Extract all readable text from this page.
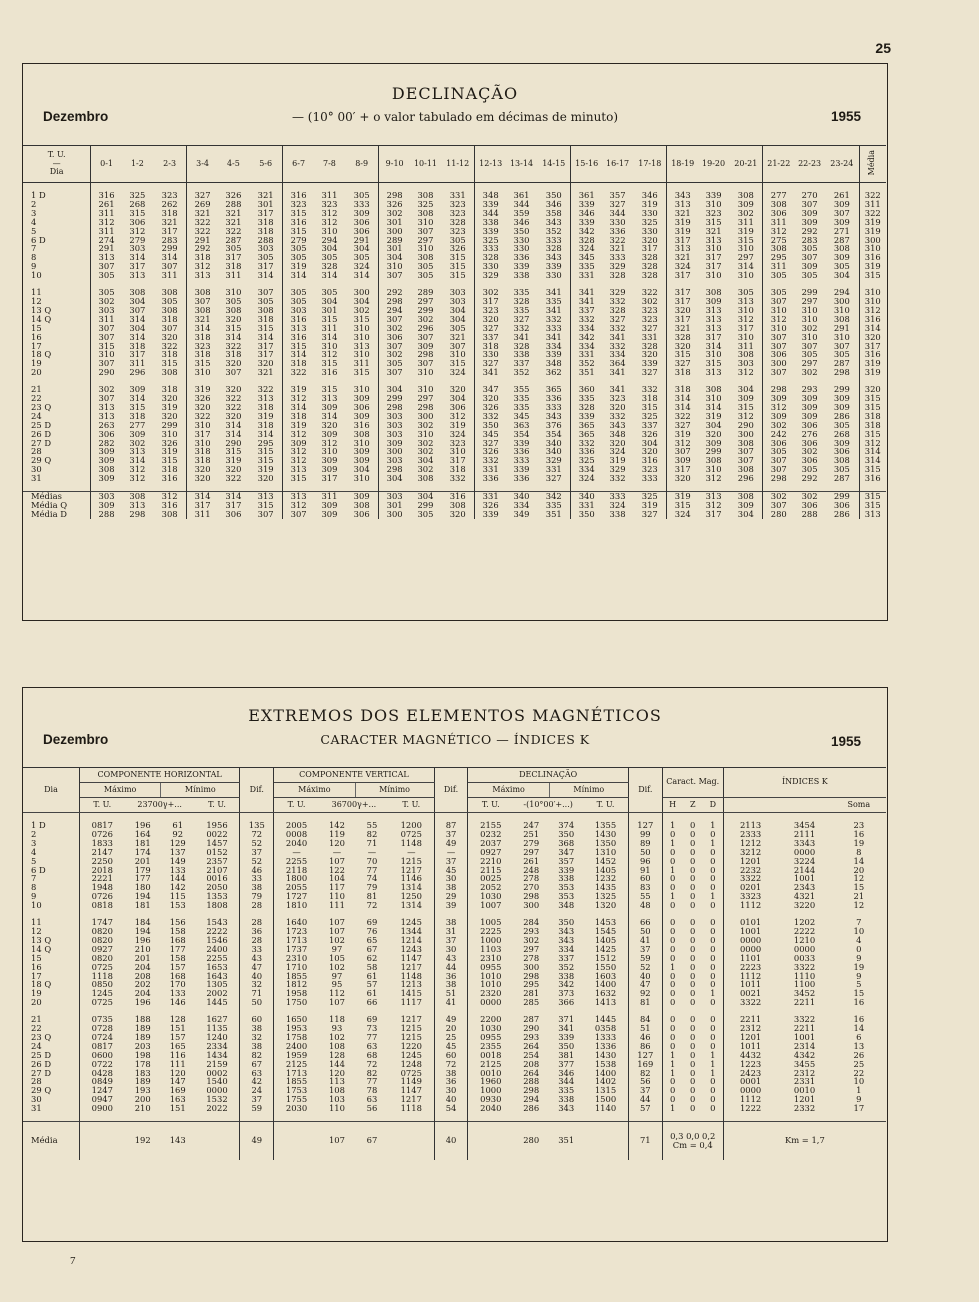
25
DECLINAÇÃO
Dezembro	— (10° 00′ + o valor tabulado em décimas de minuto)	1955
T. U.
—
Dia	0-1	1-2	2-3	3-4	4-5	5-6	6-7	7-8	8-9	9-10	10-11	11-12	12-13	13-14	14-15	15-16	16-17	17-18	18-19	19-20	20-21	21-22	22-23	23-24	Média

1 D	316	325	323	327	326	321	316	311	305	298	308	331	348	361	350	361	357	346	343	339	308	277	270	261	322
2	261	268	262	269	288	301	323	323	333	326	325	323	339	344	346	339	327	319	313	310	309	308	307	309	311
3	311	315	318	321	321	317	315	312	309	302	308	323	344	359	358	346	344	330	321	323	302	306	309	307	322
4	312	306	321	322	321	318	316	312	306	301	310	328	338	346	343	339	330	325	319	315	311	311	309	309	319
5	311	312	317	322	322	318	315	310	306	300	307	323	339	350	352	342	336	330	319	321	319	312	292	271	319
6 D	274	279	283	291	287	288	279	294	291	289	297	305	325	330	333	328	322	320	317	313	315	275	283	287	300
7	291	303	299	292	305	303	305	304	304	301	310	326	333	330	328	324	321	317	313	310	310	308	305	308	310
8	313	314	314	318	317	305	305	305	305	304	308	315	328	336	343	345	333	328	321	317	297	295	307	309	316
9	307	317	307	312	318	317	319	328	324	310	305	315	330	339	339	335	329	328	324	317	314	311	309	305	319
10	305	313	311	313	311	314	314	314	314	307	305	315	329	338	330	331	328	328	317	310	310	305	305	304	315

11	305	308	308	308	310	307	305	305	300	292	289	303	302	335	341	341	329	322	317	308	305	305	299	294	310
12	302	304	305	307	305	305	305	304	304	298	297	303	317	328	335	341	332	302	317	309	313	307	297	300	310
13 Q	303	307	308	308	308	308	303	301	302	294	299	304	323	335	341	337	328	323	320	313	310	310	310	310	312
14 Q	311	314	318	321	320	318	316	315	315	307	302	304	320	327	332	332	327	323	317	313	312	312	310	308	316
15	307	304	307	314	315	315	313	311	310	302	296	305	327	332	333	334	332	327	321	313	317	310	302	291	314
16	307	314	320	318	314	314	316	314	310	306	307	321	337	341	341	342	341	331	328	317	310	307	310	310	320
17	315	318	322	323	322	317	315	310	313	307	309	307	318	328	334	334	332	328	320	314	311	307	307	307	317
18 Q	310	317	318	318	318	317	314	312	310	302	298	310	330	338	339	331	334	320	315	310	308	306	305	305	316
19	307	311	315	315	320	320	318	315	311	305	307	315	327	337	348	352	364	339	327	315	303	300	297	287	319
20	290	296	308	310	307	321	322	316	315	307	310	324	341	352	362	351	341	327	318	313	312	307	302	298	319

21	302	309	318	319	320	322	319	315	310	304	310	320	347	355	365	360	341	332	318	308	304	298	293	299	320
22	307	314	320	326	322	313	312	313	309	299	297	304	320	335	336	335	323	318	314	310	309	309	309	309	315
23 Q	313	315	319	320	322	318	314	309	306	298	298	306	326	335	333	328	320	315	314	314	315	312	309	309	315
24	313	318	320	322	320	319	318	314	309	303	300	312	332	345	343	339	332	325	322	319	312	309	309	286	318
25 D	263	277	299	310	314	318	319	320	316	303	302	319	350	363	376	365	343	337	327	304	290	302	306	305	318
26 D	306	309	310	317	314	314	312	309	308	303	310	324	345	354	354	365	348	326	319	320	300	242	276	268	315
27 D	282	302	326	310	290	295	309	312	310	309	302	323	327	339	340	332	320	304	312	309	308	306	306	309	312
28	309	313	319	318	315	315	312	310	309	300	302	310	326	336	340	336	324	320	307	299	307	305	302	306	314
29 Q	309	314	315	318	319	315	312	309	309	303	304	317	332	333	329	325	319	316	309	308	307	307	306	308	314
30	308	312	318	320	320	319	313	309	304	298	302	318	331	339	331	334	329	323	317	310	308	307	305	305	315
31	309	312	316	320	322	320	315	317	310	304	308	332	336	336	327	324	332	333	320	312	296	298	292	287	316

Médias	303	308	312	314	314	313	313	311	309	303	304	316	331	340	342	340	333	325	319	313	308	302	302	299	315
Média Q	309	313	316	317	317	315	312	309	308	301	299	308	326	334	335	331	324	319	315	312	309	307	306	306	315
Média D	288	298	308	311	306	307	307	309	306	300	305	320	339	349	351	350	338	327	324	317	304	280	288	286	313
EXTREMOS DOS ELEMENTOS MAGNÉTICOS
CARACTER MAGNÉTICO — ÍNDICES K
Dezembro	1955
Dia	COMPONENTE HORIZONTAL				Dif.	COMPONENTE VERTICAL				Dif.	DECLINAÇÃO				Dif.	Caract. Mag.			ÍNDICES K		
	Máximo		Mínimo			Máximo		Mínimo			Máximo		Mínimo								
	T. U.	23700γ+...		T. U.		T. U.	36700γ+...		T. U.		T. U.	-(10°00′+...)		T. U.		H	Z	D			Soma

1 D	0817	196	61	1956	135	2005	142	55	1200	87	2155	247	374	1355	127	1	0	1	2113	3454	23
2	0726	164	92	0022	72	0008	119	82	0725	37	0232	251	350	1430	99	0	0	0	2333	2111	16
3	1833	181	129	1457	52	2040	120	71	1148	49	2037	279	368	1350	89	1	0	1	1212	3343	19
4	2147	174	137	0152	37	—	—	—	—	—	0927	297	347	1310	50	0	0	0	3212	0000	8
5	2250	201	149	2357	52	2255	107	70	1215	37	2210	261	357	1452	96	0	0	0	1201	3224	14
6 D	2018	179	133	2107	46	2118	122	77	1217	45	2115	248	339	1405	91	1	0	0	2232	2144	20
7	2221	177	144	0016	33	1800	104	74	1146	30	0025	278	338	1232	60	0	0	0	3322	1001	12
8	1948	180	142	2050	38	2055	117	79	1314	38	2052	270	353	1435	83	0	0	0	0201	2343	15
9	0726	194	115	1353	79	1727	110	81	1250	29	1030	298	353	1325	55	1	0	1	3323	4321	21
10	0818	181	153	1808	28	1810	111	72	1314	39	1007	300	348	1320	48	0	0	0	1112	3220	12

11	1747	184	156	1543	28	1640	107	69	1245	38	1005	284	350	1453	66	0	0	0	0101	1202	7
12	0820	194	158	2222	36	1723	107	76	1344	31	2225	293	343	1545	50	0	0	0	1001	2222	10
13 Q	0820	196	168	1546	28	1713	102	65	1214	37	1000	302	343	1405	41	0	0	0	0000	1210	4
14 Q	0927	210	177	2400	33	1737	97	67	1243	30	1103	297	334	1425	37	0	0	0	0000	0000	0
15	0820	201	158	2255	43	2310	105	62	1147	43	2310	278	337	1512	59	0	0	0	1101	0033	9
16	0725	204	157	1653	47	1710	102	58	1217	44	0955	300	352	1550	52	1	0	0	2223	3322	19
17	1118	208	168	1643	40	1855	97	61	1148	36	1010	298	338	1603	40	0	0	0	1112	1110	9
18 Q	0850	202	170	1305	32	1812	95	57	1213	38	1010	295	342	1400	47	0	0	0	1011	1100	5
19	1245	204	133	2002	71	1958	112	61	1415	51	2320	281	373	1632	92	0	0	1	0021	3452	15
20	0725	196	146	1445	50	1750	107	66	1117	41	0000	285	366	1413	81	0	0	0	3322	2211	16

21	0735	188	128	1627	60	1650	118	69	1217	49	2200	287	371	1445	84	0	0	0	2211	3322	16
22	0728	189	151	1135	38	1953	93	73	1215	20	1030	290	341	0358	51	0	0	0	2312	2211	14
23 Q	0724	189	157	1240	32	1758	102	77	1215	25	0955	293	339	1333	46	0	0	0	1201	1001	6
24	0817	203	165	2334	38	2400	108	63	1220	45	2355	264	350	1336	86	0	0	0	1011	2314	13
25 D	0600	198	116	1434	82	1959	128	68	1245	60	0018	254	381	1430	127	1	0	1	4432	4342	26
26 D	0722	178	111	2159	67	2125	144	72	1248	72	2125	208	377	1538	169	1	0	1	1223	3455	25
27 D	0428	183	120	0002	63	1713	120	82	0725	38	0010	264	346	1400	82	1	0	1	2423	2312	22
28	0849	189	147	1540	42	1855	113	77	1149	36	1960	288	344	1402	56	0	0	0	0001	2331	10
29 Q	1247	193	169	0000	24	1753	108	78	1147	30	1000	298	335	1315	37	0	0	0	0000	0010	1
30	0947	200	163	1532	37	1755	103	63	1217	40	0930	294	338	1500	44	0	0	0	1112	1201	9
31	0900	210	151	2022	59	2030	110	56	1118	54	2040	286	343	1140	57	1	0	0	1222	2332	17

Média		192	143		49		107	67		40		280	351		71	0,3 0,0 0,2
Cm = 0,4			Km = 1,7		
7
